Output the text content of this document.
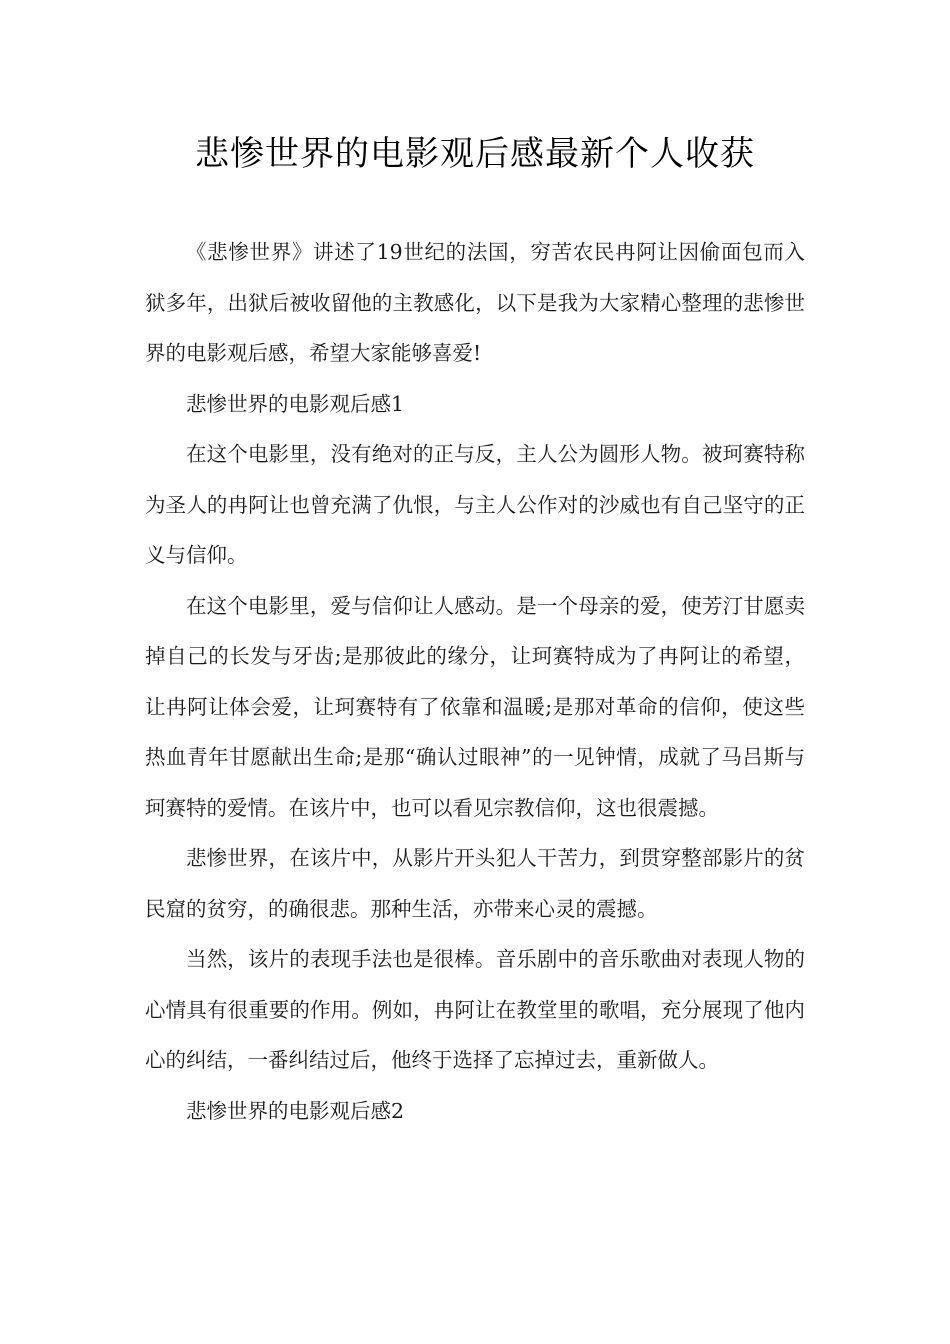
悲惨世界的电影观后感最新个人收获

《悲惨世界》讲述了19世纪的法国，穷苦农民冉阿让因偷面包而入狱多年，出狱后被收留他的主教感化，以下是我为大家精心整理的悲惨世界的电影观后感，希望大家能够喜爱!

悲惨世界的电影观后感1

在这个电影里，没有绝对的正与反，主人公为圆形人物。被珂赛特称为圣人的冉阿让也曾充满了仇恨，与主人公作对的沙威也有自己坚守的正义与信仰。

在这个电影里，爱与信仰让人感动。是一个母亲的爱，使芳汀甘愿卖掉自己的长发与牙齿;是那彼此的缘分，让珂赛特成为了冉阿让的希望，让冉阿让体会爱，让珂赛特有了依靠和温暖;是那对革命的信仰，使这些热血青年甘愿献出生命;是那“确认过眼神”的一见钟情，成就了马吕斯与珂赛特的爱情。在该片中，也可以看见宗教信仰，这也很震撼。

悲惨世界，在该片中，从影片开头犯人干苦力，到贯穿整部影片的贫民窟的贫穷，的确很悲。那种生活，亦带来心灵的震撼。

当然，该片的表现手法也是很棒。音乐剧中的音乐歌曲对表现人物的心情具有很重要的作用。例如，冉阿让在教堂里的歌唱，充分展现了他内心的纠结，一番纠结过后，他终于选择了忘掉过去，重新做人。

悲惨世界的电影观后感2
